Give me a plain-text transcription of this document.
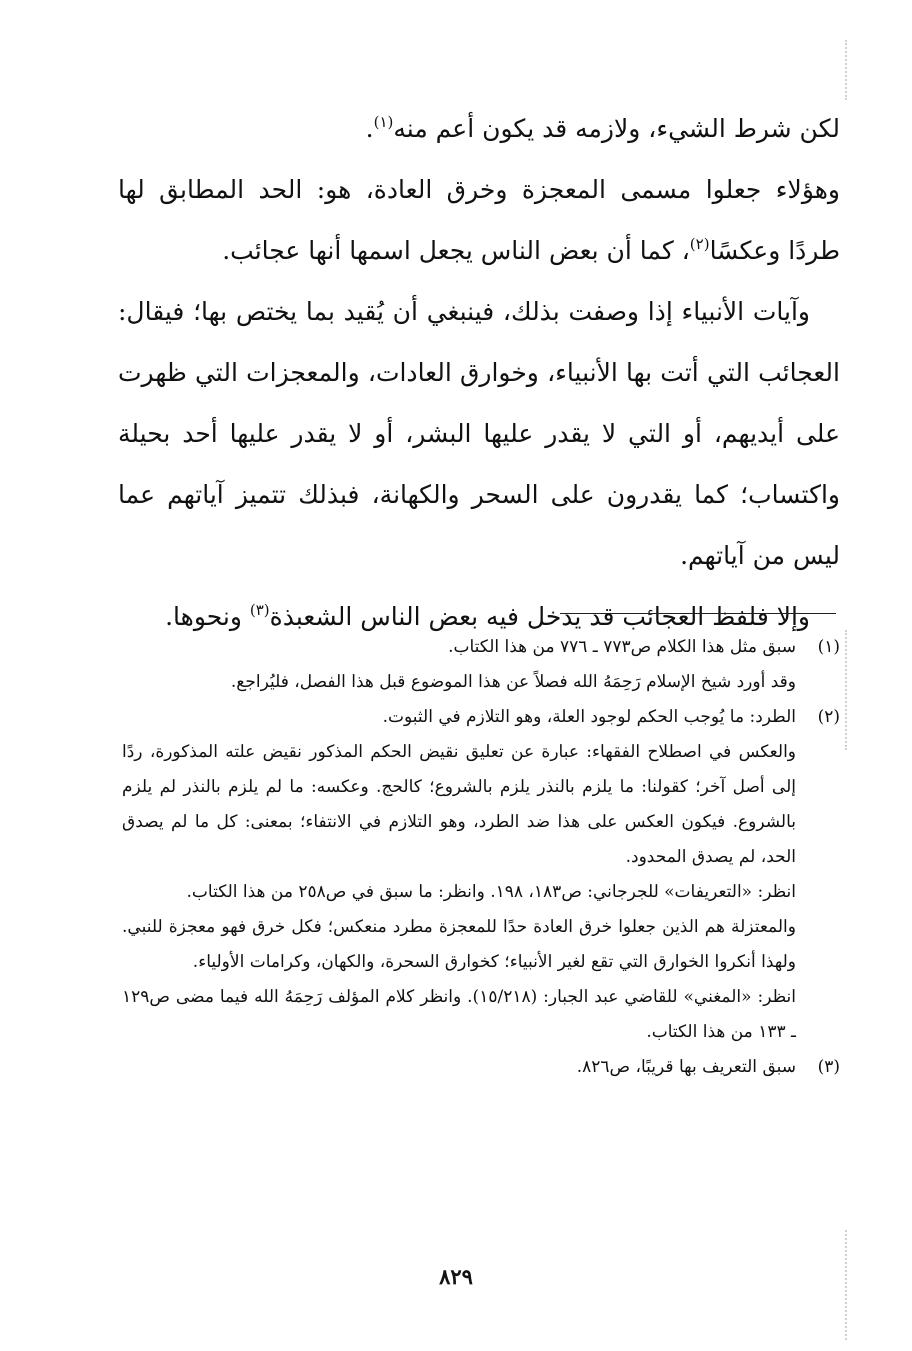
لكن شرط الشيء، ولازمه قد يكون أعم منه$^{(١)}$.

وهؤلاء جعلوا مسمى المعجزة وخرق العادة، هو: الحد المطابق لها طردًا وعكسًا$^{(٢)}$، كما أن بعض الناس يجعل اسمها أنها عجائب.

وآيات الأنبياء إذا وصفت بذلك، فينبغي أن يُقيد بما يختص بها؛ فيقال: العجائب التي أتت بها الأنبياء، وخوارق العادات، والمعجزات التي ظهرت على أيديهم، أو التي لا يقدر عليها البشر، أو لا يقدر عليها أحد بحيلة واكتساب؛ كما يقدرون على السحر والكهانة، فبذلك تتميز آياتهم عما ليس من آياتهم.

وإلا فلفظ العجائب قد يدخل فيه بعض الناس الشعبذة$^{(٣)}$ ونحوها.

(١)

سبق مثل هذا الكلام ص٧٧٣ ـ ٧٧٦ من هذا الكتاب.

وقد أورد شيخ الإسلام رَحِمَهُ الله فصلاً عن هذا الموضوع قبل هذا الفصل، فليُراجع.

(٢)

الطرد: ما يُوجب الحكم لوجود العلة، وهو التلازم في الثبوت.

والعكس في اصطلاح الفقهاء: عبارة عن تعليق نقيض الحكم المذكور نقيض علته المذكورة، ردًا إلى أصل آخر؛ كقولنا: ما يلزم بالنذر يلزم بالشروع؛ كالحج. وعكسه: ما لم يلزم بالنذر لم يلزم بالشروع. فيكون العكس على هذا ضد الطرد، وهو التلازم في الانتفاء؛ بمعنى: كل ما لم يصدق الحد، لم يصدق المحدود.

انظر: «التعريفات» للجرجاني: ص١٨٣، ١٩٨. وانظر: ما سبق في ص٢٥٨ من هذا الكتاب.

والمعتزلة هم الذين جعلوا خرق العادة حدًا للمعجزة مطرد منعكس؛ فكل خرق فهو معجزة للنبي. ولهذا أنكروا الخوارق التي تقع لغير الأنبياء؛ كخوارق السحرة، والكهان، وكرامات الأولياء.

انظر: «المغني» للقاضي عبد الجبار: (١٥/٢١٨). وانظر كلام المؤلف رَحِمَهُ الله فيما مضى ص١٢٩ ـ ١٣٣ من هذا الكتاب.

(٣)

سبق التعريف بها قريبًا، ص٨٢٦.

٨٢٩
